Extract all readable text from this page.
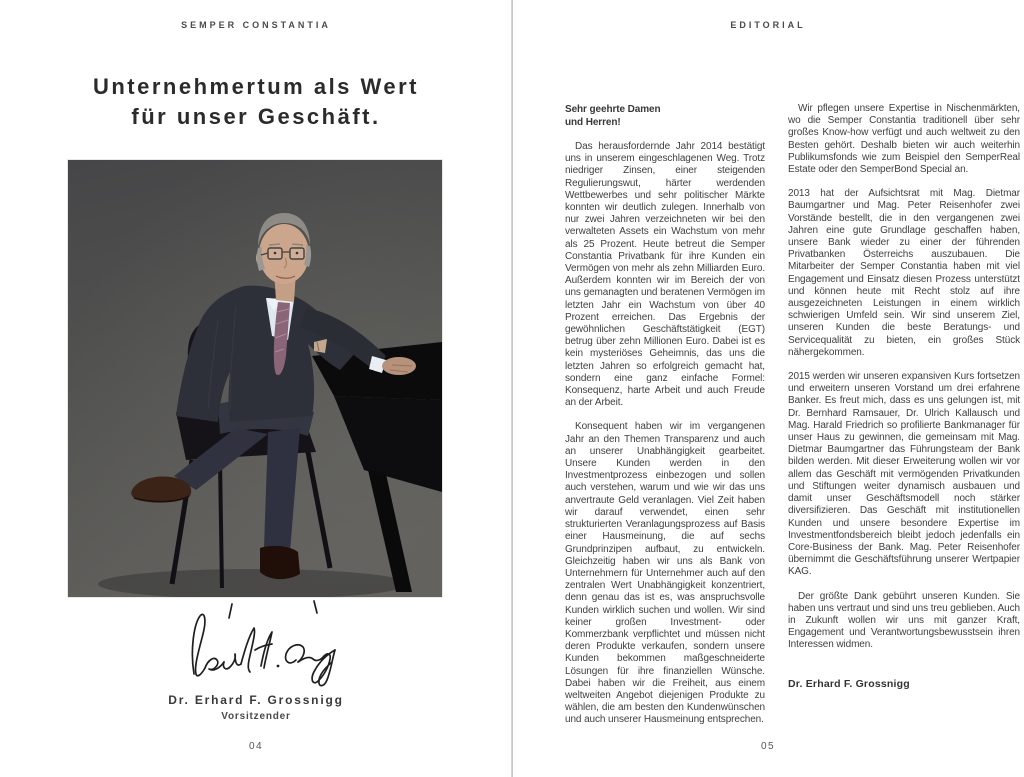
SEMPER CONSTANTIA
Unternehmertum als Wert
für unser Geschäft.
Dr. Erhard F. Grossnigg
Vorsitzender
04
EDITORIAL

Sehr geehrte Damen
und Herren!

Das herausfordernde Jahr 2014 bestätigt uns in unserem eingeschlagenen Weg. Trotz niedriger Zinsen, einer steigenden Regulierungswut, härter werdenden Wettbewerbes und sehr politischer Märkte konnten wir deutlich zulegen. Innerhalb von nur zwei Jahren verzeichneten wir bei den verwalteten Assets ein Wachstum von mehr als 25 Prozent. Heute betreut die Semper Constantia Privatbank für ihre Kunden ein Vermögen von mehr als zehn Milliarden Euro. Außerdem konnten wir im Bereich der von uns gemanagten und beratenen Vermögen im letzten Jahr ein Wachstum von über 40 Prozent erreichen. Das Ergebnis der gewöhnlichen Geschäftstätigkeit (EGT) betrug über zehn Millionen Euro. Dabei ist es kein mysteriöses Geheimnis, das uns die letzten Jahren so erfolgreich gemacht hat, sondern eine ganz einfache Formel: Konsequenz, harte Arbeit und auch Freude an der Arbeit.

Konsequent haben wir im vergangenen Jahr an den Themen Transparenz und auch an unserer Unabhängigkeit gearbeitet. Unsere Kunden werden in den Investmentprozess einbezogen und sollen auch verstehen, warum und wie wir das uns anvertraute Geld veranlagen. Viel Zeit haben wir darauf verwendet, einen sehr strukturierten Veranlagungsprozess auf Basis einer Hausmeinung, die auf sechs Grundprinzipen aufbaut, zu entwickeln. Gleichzeitig haben wir uns als Bank von Unternehmern für Unternehmer auch auf den zentralen Wert Unabhängigkeit konzentriert, denn genau das ist es, was anspruchsvolle Kunden wirklich suchen und wollen. Wir sind keiner großen Investment- oder Kommerzbank verpflichtet und müssen nicht deren Produkte verkaufen, sondern unsere Kunden bekommen maßgeschneiderte Lösungen für ihre finanziellen Wünsche. Dabei haben wir die Freiheit, aus einem weltweiten Angebot diejenigen Produkte zu wählen, die am besten den Kundenwünschen und auch unserer Hausmeinung entsprechen.

Wir pflegen unsere Expertise in Nischenmärkten, wo die Semper Constantia traditionell über sehr großes Know-how verfügt und auch weltweit zu den Besten gehört. Deshalb bieten wir auch weiterhin Publikumsfonds wie zum Beispiel den SemperReal Estate oder den SemperBond Special an.

2013 hat der Aufsichtsrat mit Mag. Dietmar Baumgartner und Mag. Peter Reisenhofer zwei Vorstände bestellt, die in den vergangenen zwei Jahren eine gute Grundlage geschaffen haben, unsere Bank wieder zu einer der führenden Privatbanken Österreichs auszubauen. Die Mitarbeiter der Semper Constantia haben mit viel Engagement und Einsatz diesen Prozess unterstützt und können heute mit Recht stolz auf ihre ausgezeichneten Leistungen in einem wirklich schwierigen Umfeld sein. Wir sind unserem Ziel, unseren Kunden die beste Beratungs- und Servicequalität zu bieten, ein großes Stück nähergekommen.

2015 werden wir unseren expansiven Kurs fortsetzen und erweitern unseren Vorstand um drei erfahrene Banker. Es freut mich, dass es uns gelungen ist, mit Dr. Bernhard Ramsauer, Dr. Ulrich Kallausch und Mag. Harald Friedrich so profilierte Bankmanager für unser Haus zu gewinnen, die gemeinsam mit Mag. Dietmar Baumgartner das Führungsteam der Bank bilden werden. Mit dieser Erweiterung wollen wir vor allem das Geschäft mit vermögenden Privatkunden und Stiftungen weiter dynamisch ausbauen und damit unser Geschäftsmodell noch stärker diversifizieren. Das Geschäft mit institutionellen Kunden und unsere besondere Expertise im Investmentfondsbereich bleibt jedoch jedenfalls ein Core-Business der Bank. Mag. Peter Reisenhofer übernimmt die Geschäftsführung unserer Wertpapier KAG.

Der größte Dank gebührt unseren Kunden. Sie haben uns vertraut und sind uns treu geblieben. Auch in Zukunft wollen wir uns mit ganzer Kraft, Engagement und Verantwortungsbewusstsein ihren Interessen widmen.

Dr. Erhard F. Grossnigg
05
